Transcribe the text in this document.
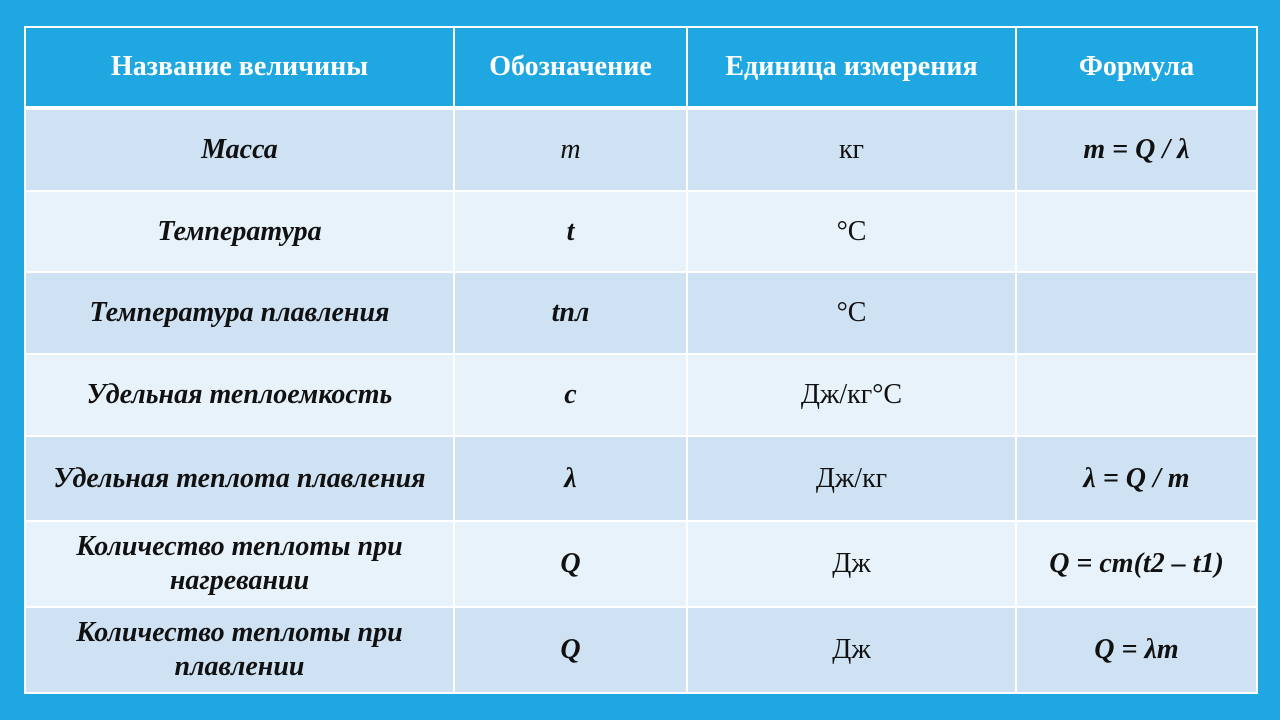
Название величины	Обозначение	Единица измерения	Формула
Масса	m	кг	m = Q / λ
Температура	t	°С	
Температура плавления	tпл	°С	
Удельная теплоемкость	c	Дж/кг°С	
Удельная теплота плавления	λ	Дж/кг	λ = Q / m
Количество теплоты при нагревании	Q	Дж	Q = cm(t2 – t1)
Количество теплоты при плавлении	Q	Дж	Q = λm
